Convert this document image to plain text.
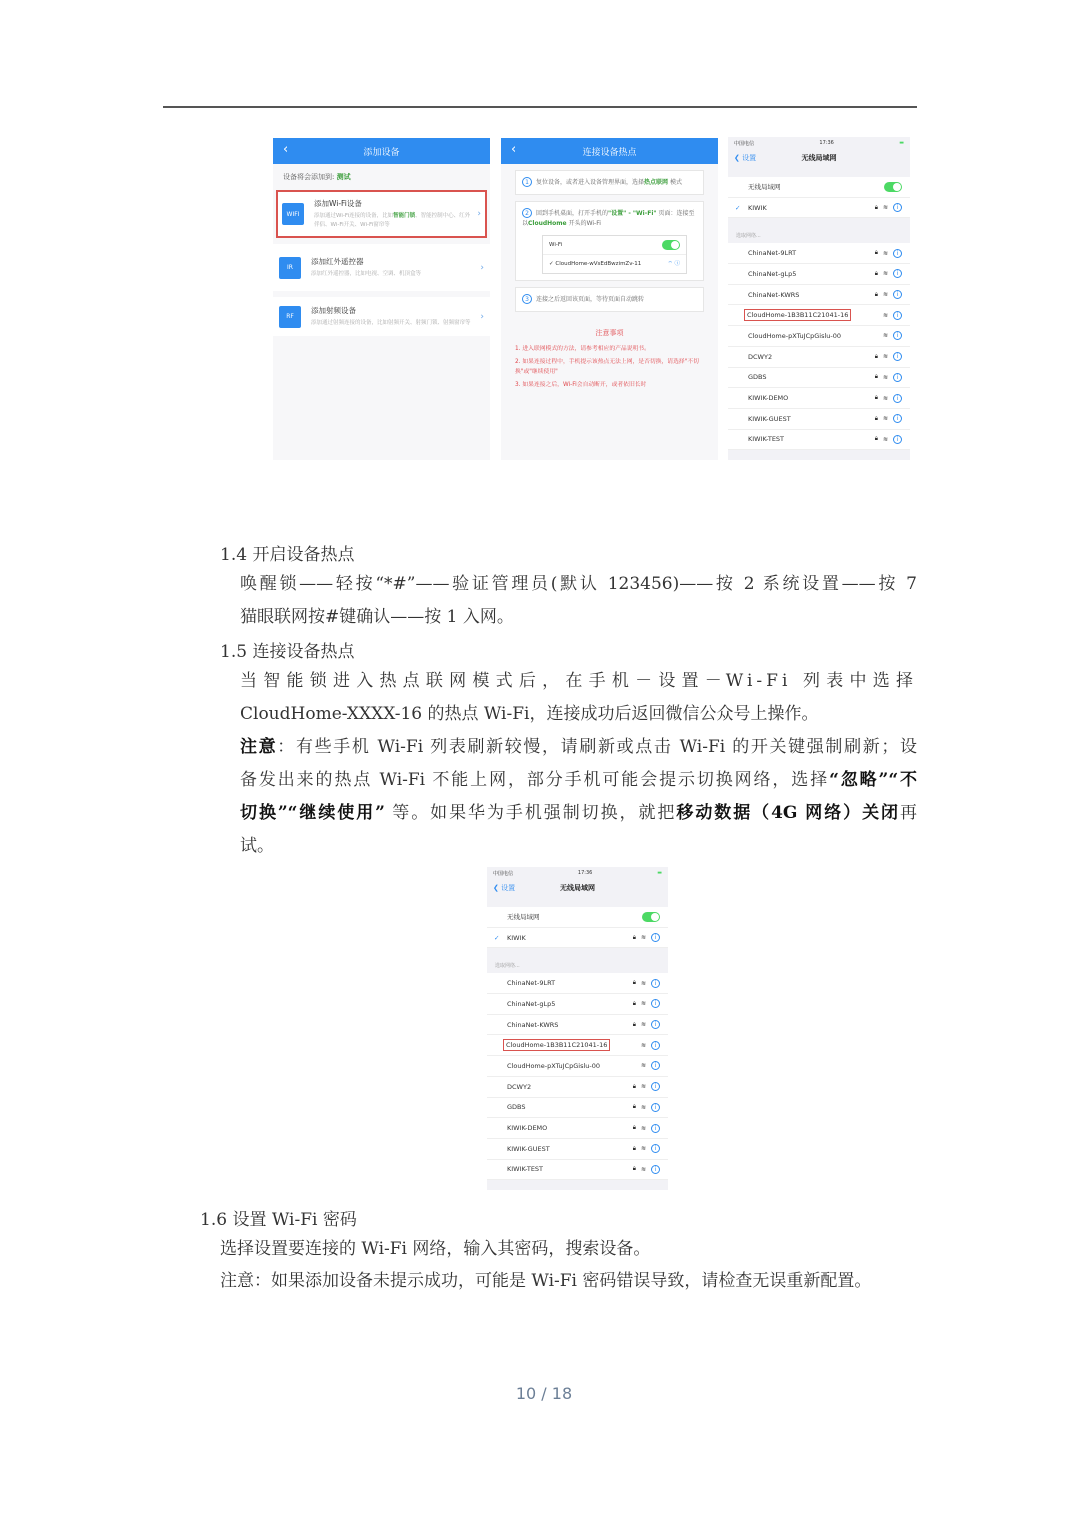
‹	添加设备
设备将会添加到: 测试
WIFI
添加Wi-Fi设备
添加通过Wi-Fi连接的设备，比如智能门锁、智能控制中心、红外伴侣、Wi-Fi开关、Wi-Fi窗帘等
›
IR
添加红外遥控器
添加红外遥控器，比如电视、空调、机顶盒等
›
RF
添加射频设备
添加通过射频连接的设备，比如射频开关、射频门锁、射频窗帘等
›
‹	连接设备热点
1 复位设备，或者进入设备管理界面，选择热点联网 模式
2 回到手机桌面，打开手机的"设置" - "Wi-Fi" 页面：连接至以CloudHome 开头的Wi-Fi
Wi-Fi
✓ CloudHome-wVsEdBwzimZv-11	⌔ ⓘ
3 连接之后返回该页面，等待页面自动跳转
注意事项

1. 进入联网模式的方法，请参考相应的产品说明书。

2. 如果连接过程中，手机提示该热点无法上网，是否切换，请选择"不切换"或"继续使用"

3. 如果连接之后，Wi-Fi会自动断开，或者依旧长时

中国电信	17:36	▬
❮ 设置	无线局域网
无线局域网
✓ KIWIK	🔒︎ ≋	i
选取网络...
ChinaNet-9LRT	🔒︎ ≋	i
ChinaNet-gLp5	🔒︎ ≋	i
ChinaNet-KWRS	🔒︎ ≋	i
CloudHome-1B3B11C21041-16	≋	i
CloudHome-pXTuJCpGislu-00	≋	i
DCWY2	🔒︎ ≋	i
GDBS	🔒︎ ≋	i
KIWIK-DEMO	🔒︎ ≋	i
KIWIK-GUEST	🔒︎ ≋	i
KIWIK-TEST	🔒︎ ≋	i
1.4 开启设备热点
唤醒锁——轻按“*#”——验证管理员(默认 123456)——按 2 系统设置——按 7
猫眼联网按#键确认——按 1 入网。
1.5 连接设备热点
当智能锁进入热点联网模式后，在手机－设置－Wi-Fi 列表中选择
CloudHome-XXXX-16 的热点 Wi-Fi，连接成功后返回微信公众号上操作。
注意：有些手机 Wi-Fi 列表刷新较慢，请刷新或点击 Wi-Fi 的开关键强制刷新；设
备发出来的热点 Wi-Fi 不能上网，部分手机可能会提示切换网络，选择“忽略”“不
切换”“继续使用” 等。如果华为手机强制切换，就把移动数据（4G 网络）关闭再
试。
中国电信	17:36	▬
❮ 设置	无线局域网
无线局域网
✓ KIWIK	🔒︎ ≋	i
选取网络...
ChinaNet-9LRT	🔒︎ ≋	i
ChinaNet-gLp5	🔒︎ ≋	i
ChinaNet-KWRS	🔒︎ ≋	i
CloudHome-1B3B11C21041-16	≋	i
CloudHome-pXTuJCpGislu-00	≋	i
DCWY2	🔒︎ ≋	i
GDBS	🔒︎ ≋	i
KIWIK-DEMO	🔒︎ ≋	i
KIWIK-GUEST	🔒︎ ≋	i
KIWIK-TEST	🔒︎ ≋	i
1.6 设置 Wi-Fi 密码
选择设置要连接的 Wi-Fi 网络，输入其密码，搜索设备。
注意：如果添加设备未提示成功，可能是 Wi-Fi 密码错误导致，请检查无误重新配置。
10 / 18
